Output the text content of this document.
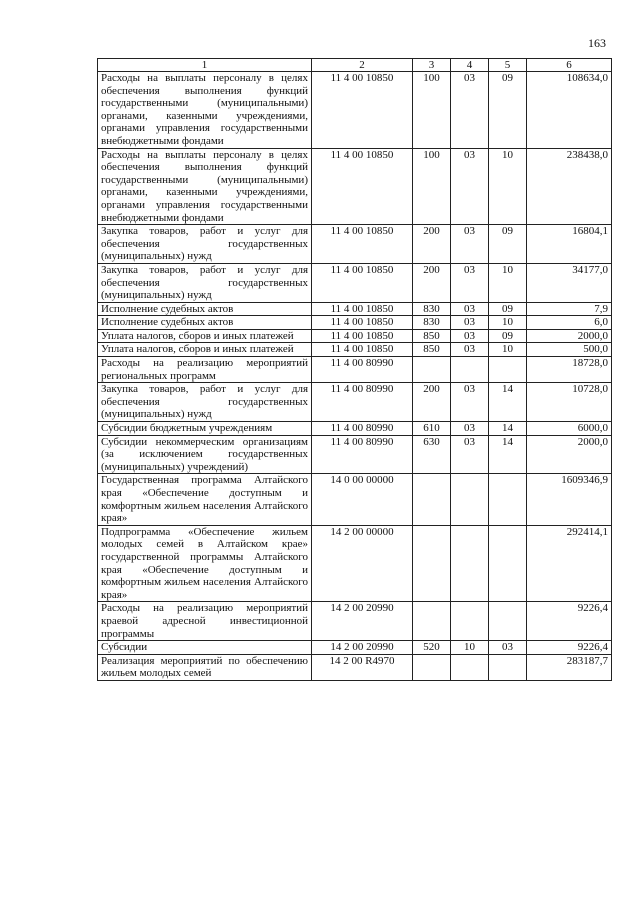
163
1	2	3	4	5	6
Расходы на выплаты персоналу в целях обеспечения выполнения функций государственными (муниципальными) органами, казенными учреждениями, органами управления государственными внебюджетными фондами	11 4 00 10850	100	03	09	108634,0
Расходы на выплаты персоналу в целях обеспечения выполнения функций государственными (муниципальными) органами, казенными учреждениями, органами управления государственными внебюджетными фондами	11 4 00 10850	100	03	10	238438,0
Закупка товаров, работ и услуг для обеспечения государственных (муниципальных) нужд	11 4 00 10850	200	03	09	16804,1
Закупка товаров, работ и услуг для обеспечения государственных (муниципальных) нужд	11 4 00 10850	200	03	10	34177,0
Исполнение судебных актов	11 4 00 10850	830	03	09	7,9
Исполнение судебных актов	11 4 00 10850	830	03	10	6,0
Уплата налогов, сборов и иных платежей	11 4 00 10850	850	03	09	2000,0
Уплата налогов, сборов и иных платежей	11 4 00 10850	850	03	10	500,0
Расходы на реализацию мероприятий региональных программ	11 4 00 80990				18728,0
Закупка товаров, работ и услуг для обеспечения государственных (муниципальных) нужд	11 4 00 80990	200	03	14	10728,0
Субсидии бюджетным учреждениям	11 4 00 80990	610	03	14	6000,0
Субсидии некоммерческим организациям (за исключением государственных (муниципальных) учреждений)	11 4 00 80990	630	03	14	2000,0
Государственная программа Алтайского края «Обеспечение доступным и комфортным жильем населения Алтайского края»	14 0 00 00000				1609346,9
Подпрограмма «Обеспечение жильем молодых семей в Алтайском крае» государственной программы Алтайского края «Обеспечение доступным и комфортным жильем населения Алтайского края»	14 2 00 00000				292414,1
Расходы на реализацию мероприятий краевой адресной инвестиционной программы	14 2 00 20990				9226,4
Субсидии	14 2 00 20990	520	10	03	9226,4
Реализация мероприятий по обеспечению жильем молодых семей	14 2 00 R4970				283187,7
